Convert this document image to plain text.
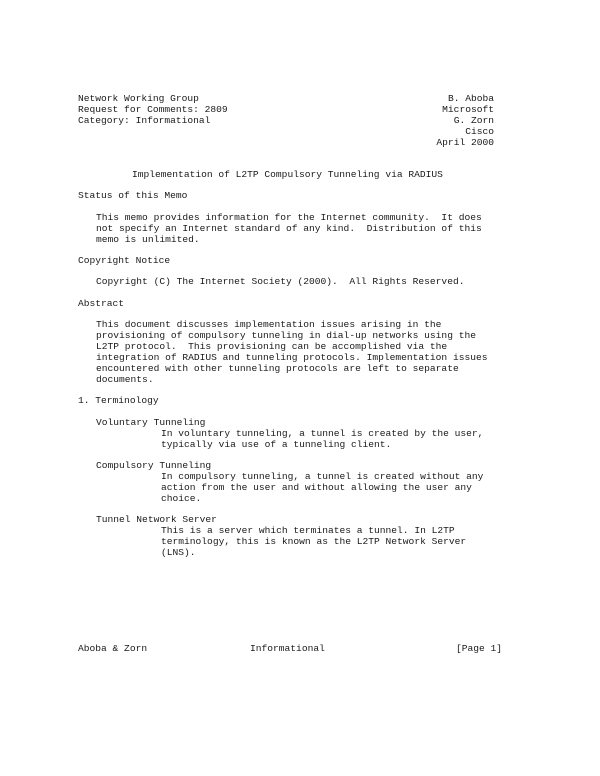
Network Working Group
Request for Comments: 2809
Category: Informational
B. Aboba
Microsoft
G. Zorn
Cisco
April 2000
Implementation of L2TP Compulsory Tunneling via RADIUS
Status of this Memo
This memo provides information for the Internet community.  It does
not specify an Internet standard of any kind.  Distribution of this
memo is unlimited.
Copyright Notice
Copyright (C) The Internet Society (2000).  All Rights Reserved.
Abstract
This document discusses implementation issues arising in the
provisioning of compulsory tunneling in dial-up networks using the
L2TP protocol.  This provisioning can be accomplished via the
integration of RADIUS and tunneling protocols. Implementation issues
encountered with other tunneling protocols are left to separate
documents.
1. Terminology
Voluntary Tunneling
In voluntary tunneling, a tunnel is created by the user,
typically via use of a tunneling client.
Compulsory Tunneling
In compulsory tunneling, a tunnel is created without any
action from the user and without allowing the user any
choice.
Tunnel Network Server
This is a server which terminates a tunnel. In L2TP
terminology, this is known as the L2TP Network Server
(LNS).
Aboba & Zorn	Informational	[Page 1]
